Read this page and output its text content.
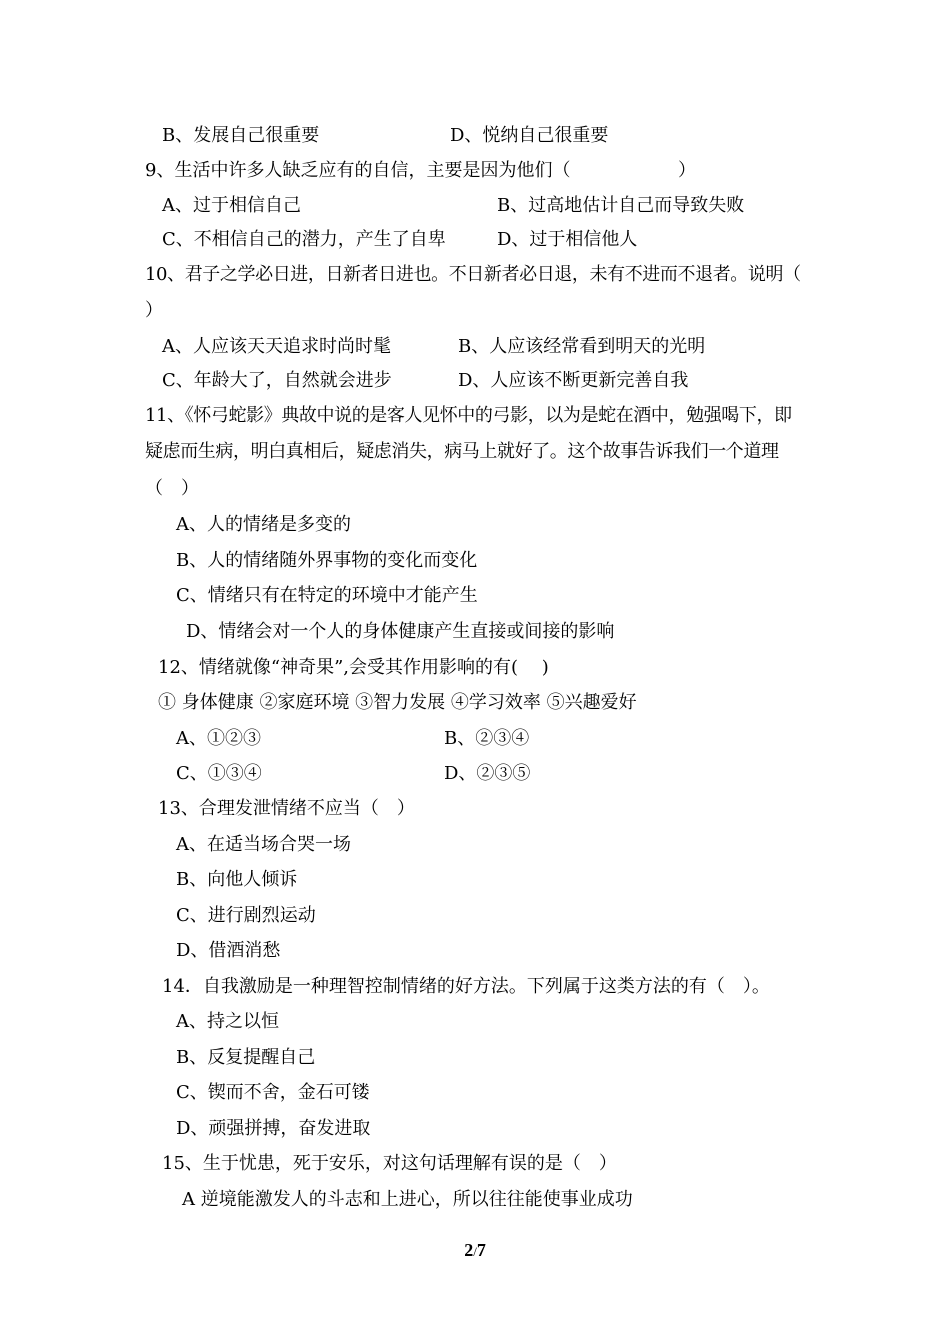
B、发展自己很重要	D、悦纳自己很重要
9、生活中许多人缺乏应有的自信，主要是因为他们（	）
A、过于相信自己	B、过高地估计自己而导致失败
C、不相信自己的潜力，产生了自卑	D、过于相信他人
10、君子之学必日进，日新者日进也。不日新者必日退，未有不进而不退者。说明（
）
A、人应该天天追求时尚时髦	B、人应该经常看到明天的光明
C、年龄大了，自然就会进步	D、人应该不断更新完善自我
11、《怀弓蛇影》典故中说的是客人见怀中的弓影，以为是蛇在酒中，勉强喝下，即
疑虑而生病，明白真相后，疑虑消失，病马上就好了。这个故事告诉我们一个道理
（　）
A、人的情绪是多变的
B、人的情绪随外界事物的变化而变化
C、情绪只有在特定的环境中才能产生
D、情绪会对一个人的身体健康产生直接或间接的影响
12、情绪就像“神奇果”,会受其作用影响的有(　 )
① 身体健康 ②家庭环境 ③智力发展 ④学习效率 ⑤兴趣爱好
A、①②③	B、②③④
C、①③④	D、②③⑤
13、合理发泄情绪不应当（　）
A、在适当场合哭一场
B、向他人倾诉
C、进行剧烈运动
D、借酒消愁
14．自我激励是一种理智控制情绪的好方法。下列属于这类方法的有（　）。
A、持之以恒
B、反复提醒自己
C、锲而不舍，金石可镂
D、顽强拼搏，奋发进取
15、生于忧患，死于安乐，对这句话理解有误的是（　）
A 逆境能激发人的斗志和上进心，所以往往能使事业成功
2/7
